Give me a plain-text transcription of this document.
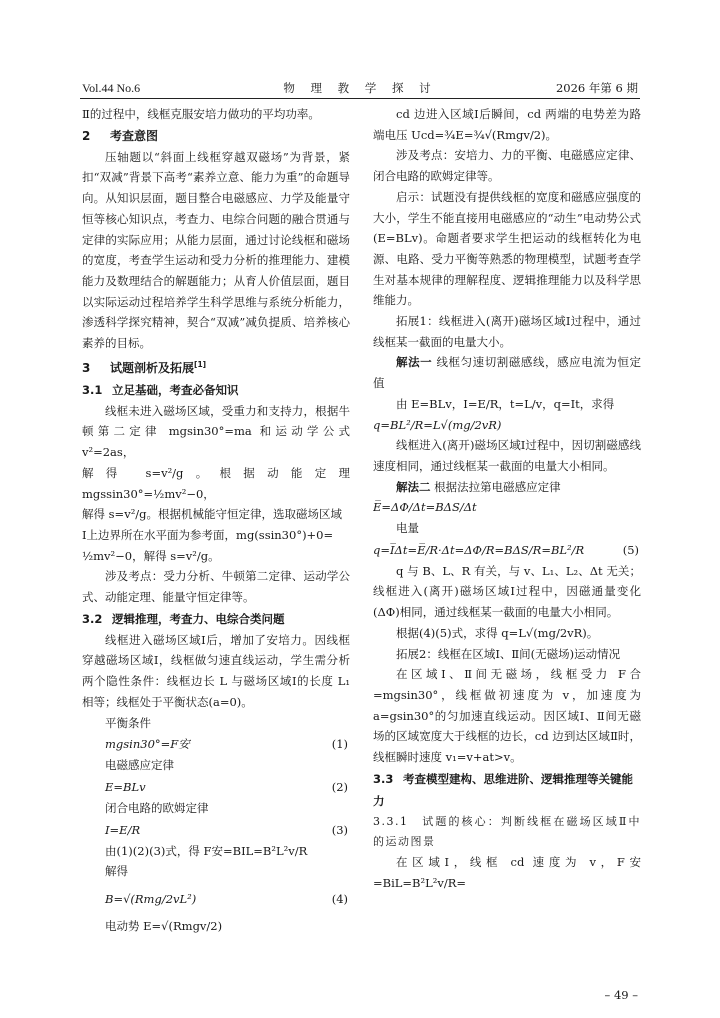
Vol.44 No.6	物 理 教 学 探 讨	2026 年第 6 期

Ⅱ的过程中，线框克服安培力做功的平均功率。

2 考查意图

压轴题以“斜面上线框穿越双磁场”为背景，紧扣“双减”背景下高考“素养立意、能力为重”的命题导向。从知识层面，题目整合电磁感应、力学及能量守恒等核心知识点，考查力、电综合问题的融合贯通与定律的实际应用；从能力层面，通过讨论线框和磁场的宽度，考查学生运动和受力分析的推理能力、建模能力及数理结合的解题能力；从育人价值层面，题目以实际运动过程培养学生科学思维与系统分析能力，渗透科学探究精神，契合“双减”减负提质、培养核心素养的目标。

3 试题剖析及拓展[1]
3.1 立足基础，考查必备知识

线框未进入磁场区域，受重力和支持力，根据牛顿第二定律 mgsin30°=ma 和运动学公式 v²=2as，

解得 s=v²/g。根据动能定理 mgssin30°=½mv²−0，

解得 s=v²/g。根据机械能守恒定律，选取磁场区域

Ⅰ上边界所在水平面为参考面，mg(ssin30°)+0=

½mv²−0，解得 s=v²/g。

涉及考点：受力分析、牛顿第二定律、运动学公式、动能定理、能量守恒定律等。

3.2 逻辑推理，考查力、电综合类问题

线框进入磁场区域Ⅰ后，增加了安培力。因线框穿越磁场区域Ⅰ，线框做匀速直线运动，学生需分析两个隐性条件：线框边长 L 与磁场区域Ⅰ的长度 L₁ 相等；线框处于平衡状态(a=0)。

平衡条件

mgsin30°=F安	(1)

电磁感应定律

E=BLv	(2)

闭合电路的欧姆定律

I=E/R	(3)

由(1)(2)(3)式，得 F安=BIL=B²L²v/R

解得

B=√(Rmg/2vL²)	(4)

电动势 E=√(Rmgv/2)

cd 边进入区域Ⅰ后瞬间，cd 两端的电势差为路端电压 Ucd=¾E=¾√(Rmgv/2)。

涉及考点：安培力、力的平衡、电磁感应定律、闭合电路的欧姆定律等。

启示：试题没有提供线框的宽度和磁感应强度的大小，学生不能直接用电磁感应的“动生”电动势公式(E=BLv)。命题者要求学生把运动的线框转化为电源、电路、受力平衡等熟悉的物理模型，试题考查学生对基本规律的理解程度、逻辑推理能力以及科学思维能力。

拓展1：线框进入(离开)磁场区域Ⅰ过程中，通过线框某一截面的电量大小。

解法一 线框匀速切割磁感线，感应电流为恒定值

由 E=BLv，I=E/R，t=L/v，q=It，求得

q=BL²/R=L√(mg/2vR)

线框进入(离开)磁场区域Ⅰ过程中，因切割磁感线速度相同，通过线框某一截面的电量大小相同。

解法二 根据法拉第电磁感应定律

E̅=ΔΦ/Δt=BΔS/Δt

电量

q=I̅Δt=E̅/R·Δt=ΔΦ/R=BΔS/R=BL²/R	(5)

q 与 B、L、R 有关，与 v、L₁、L₂、Δt 无关；线框进入(离开)磁场区域Ⅰ过程中，因磁通量变化(ΔΦ)相同，通过线框某一截面的电量大小相同。

根据(4)(5)式，求得 q=L√(mg/2vR)。

拓展2：线框在区域Ⅰ、Ⅱ间(无磁场)运动情况

在区域Ⅰ、Ⅱ间无磁场，线框受力 F合=mgsin30°，线框做初速度为 v，加速度为 a=gsin30°的匀加速直线运动。因区域Ⅰ、Ⅱ间无磁场的区域宽度大于线框的边长，cd 边到达区域Ⅱ时，线框瞬时速度 v₁=v+at>v。

3.3 考查模型建构、思维进阶、逻辑推理等关键能力

3.3.1　试题的核心：判断线框在磁场区域Ⅱ中的运动图景

在区域Ⅰ，线框 cd 速度为 v，F安=BiL=B²L²v/R=

– 49 –
